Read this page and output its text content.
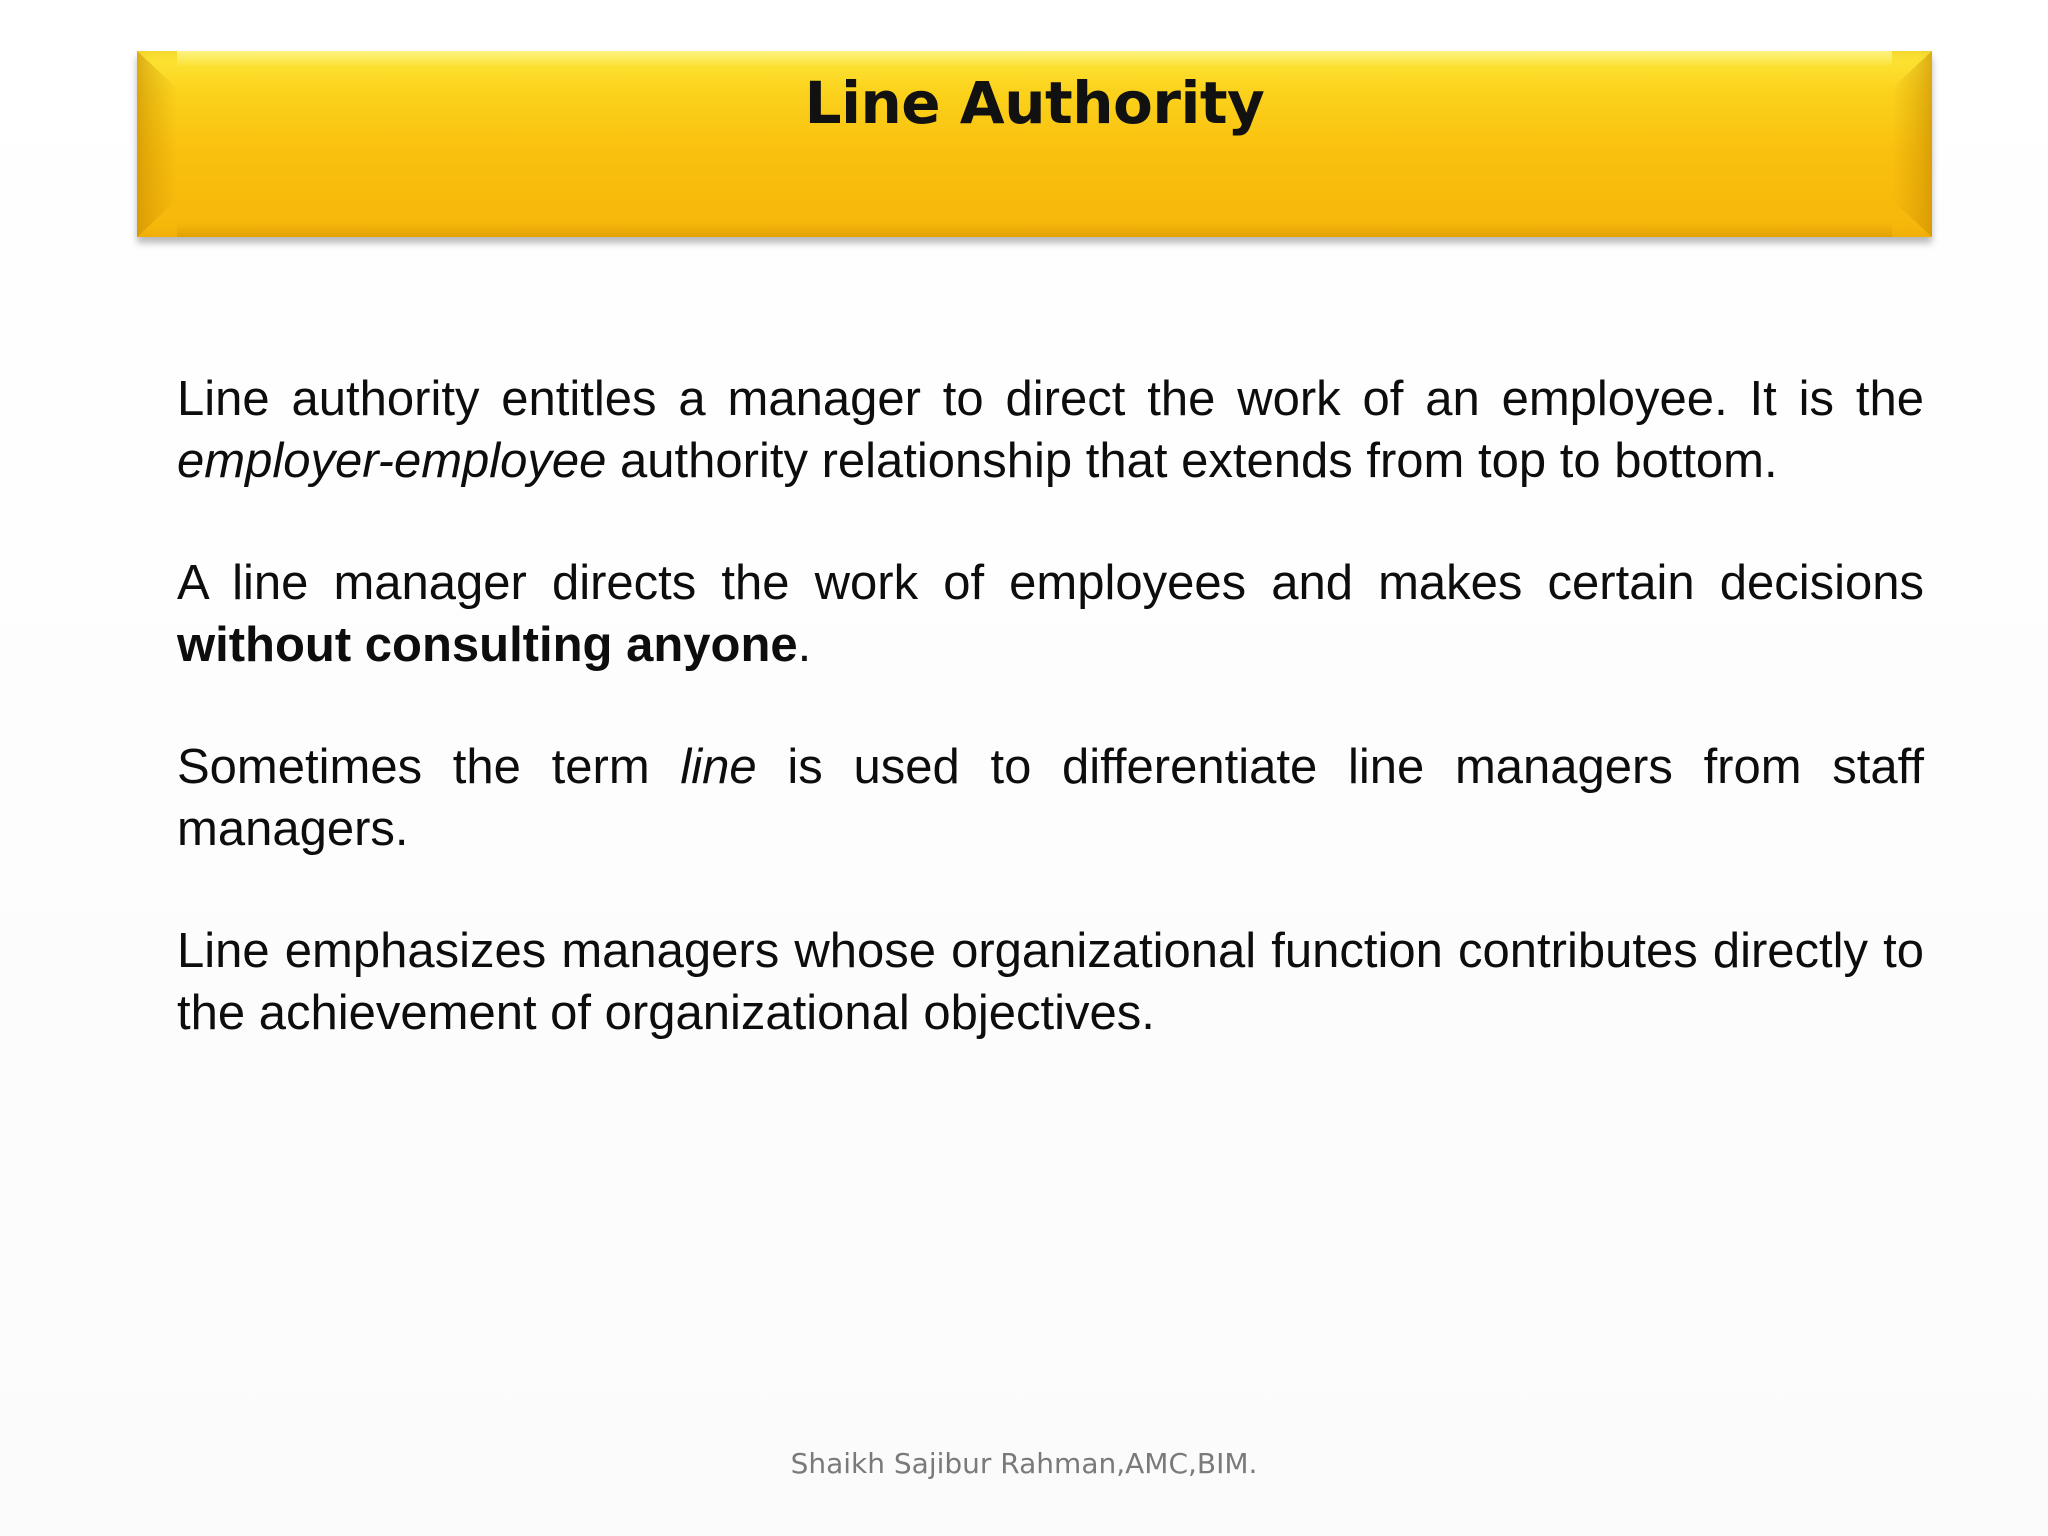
Line Authority

Line authority entitles a manager to direct the work of an employee. It is the employer-employee authority relationship that extends from top to bottom.

A line manager directs the work of employees and makes certain decisions without consulting anyone.

Sometimes the term line is used to differentiate line managers from staff managers.

Line emphasizes managers whose organizational function contributes directly to the achievement of organizational objectives.

Shaikh Sajibur Rahman,AMC,BIM.
